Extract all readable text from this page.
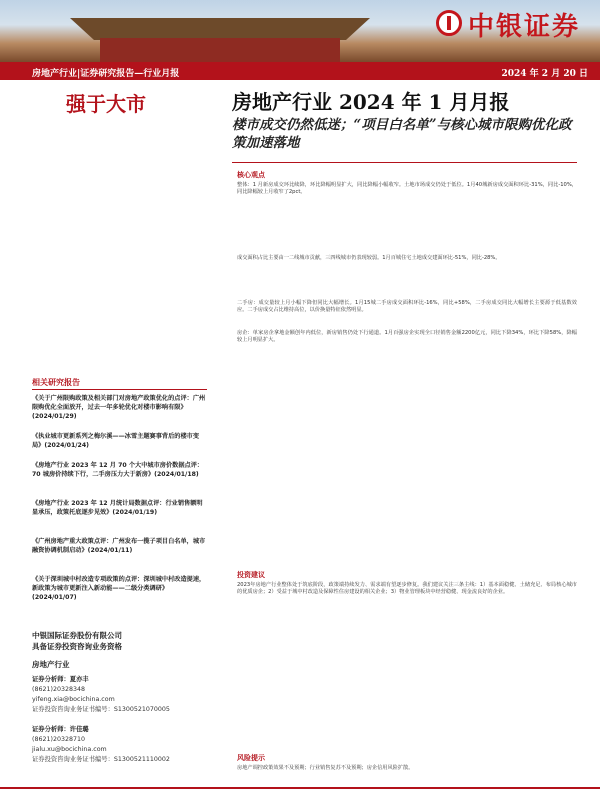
中银证券
房地产行业|证券研究报告—行业月报	2024 年 2 月 20 日
强于大市	房地产行业 2024 年 1 月月报
楼市成交仍然低迷；“项目白名单”与核心城市限购优化政策加速落地
核心观点
整体：1 月新房成交环比续降，环比降幅明显扩大，同比降幅小幅收窄。土地市场成交仍处于低位。1月40城新房成交面积环比-31%，同比-10%，同比降幅较上月收窄了2pct。
成交面积占比主要由一二线城市贡献，三四线城市仍表现较弱。1月百城住宅土地成交建面环比-51%，同比-28%。
二手房：成交量较上月小幅下降但同比大幅增长。1月15城二手房成交面积环比-16%，同比+58%，二手房成交同比大幅增长主要源于低基数效应。二手房成交占比维持高位，以价换量特征依然明显。
房企：单家房企拿地金额创年内低位，新房销售仍处下行通道。1月百强房企实现全口径销售金额2200亿元，同比下降34%，环比下降58%，降幅较上月明显扩大。
投资建议
2023年房地产行业整体处于筑底阶段，政策端持续发力、需求端有望逐步修复。我们建议关注三条主线：1）基本面稳健、土储充足、布局核心城市的优质房企；2）受益于城中村改造及保障性住房建设的相关企业；3）物业管理板块中经营稳健、现金流良好的企业。
风险提示
房地产调控政策效果不及预期；行业销售复苏不及预期；房企信用风险扩散。
相关研究报告
《关于广州限购政策及相关部门对房地产政策优化的点评：广州限购优化全面放开，过去一年多轮优化对楼市影响有限》(2024/01/29)
《执业城市更新系列之梅尔溪——冰雪主题赛事背后的楼市变局》(2024/01/24)
《房地产行业 2023 年 12 月 70 个大中城市房价数据点评：70 城房价持续下行，二手房压力大于新房》(2024/01/18)
《房地产行业 2023 年 12 月统计局数据点评：行业销售额明显承压，政策托底逐步见效》(2024/01/19)
《广州房地产重大政策点评：广州发布一揽子项目白名单，城市融资协调机制启动》(2024/01/11)
《关于深圳城中村改造专项政策的点评：深圳城中村改造提速，新政策为城市更新注入新动能——二级分类调研》(2024/01/07)
中银国际证券股份有限公司
具备证券投资咨询业务资格
房地产行业
证券分析师：夏亦丰
(8621)20328348
yifeng.xia@bocichina.com
证券投资咨询业务证书编号：S1300521070005
证券分析师：许佳璐
(8621)20328710
jialu.xu@bocichina.com
证券投资咨询业务证书编号：S1300521110002
